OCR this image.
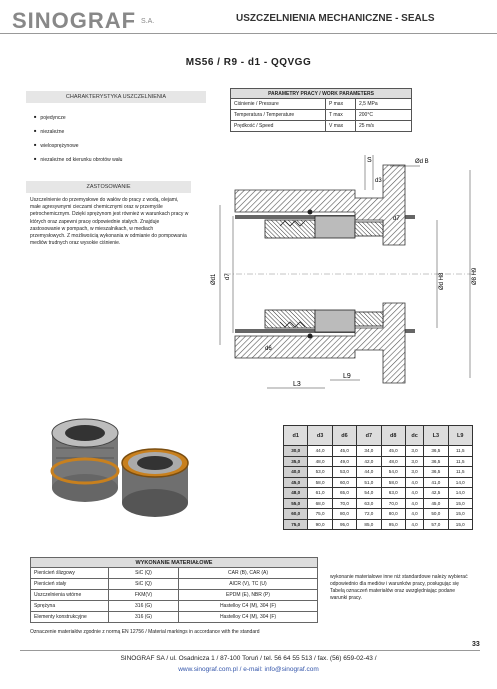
SINOGRAF S.A.	USZCZELNIENIA MECHANICZNE - SEALS
MS56 / R9 - d1 - QQVGG
CHARAKTERYSTYKA USZCZELNIENIA
■ pojedyncze
■ niezależne
■ wielosprężynowe
■ niezależne od kierunku obrotów wału
PARAMETRY PRACY / WORK PARAMETERS		
Ciśnienie / Pressure	P max	2,5 MPa
Temperatura / Temperature	T max	200°C
Prędkość / Speed	V max	25 m/s
ZASTOSOWANIE
Uszczelnienie do przemysłowe do wałów do pracy z wodą, olejami, małe agresywnymi cieczami chemicznymi oraz w przemyśle petrochemicznym. Dzięki sprężynom jest również w warunkach pracy w których oraz zapewni pracę odpowiednie stałych. Znajduje zastosowanie w pompach, w mieszalnikach, w mediach przemysłowych. Z możliwością wykonania w odmianie do pompowania mediów trudnych oraz wysokie ciśnienie.
S
d3
Ød B
d7
d6
Ød1 d7	Ød H8	Ø8 H9
L3
L9
d1	d3	d6	d7	d8	dc	L3	L9
30,0	44,0	45,0	34,0	45,0	3,0	36,5	11,5
35,0	48,0	49,0	42,0	48,0	3,0	36,5	11,5
40,0	53,0	53,0	44,0	54,0	3,0	36,5	11,5
45,0	58,0	60,0	51,0	58,0	4,0	41,0	14,0
48,0	61,0	65,0	54,0	63,0	4,0	42,5	14,0
55,0	68,0	70,0	63,0	70,0	4,0	45,0	15,0
60,0	75,0	80,0	72,0	80,0	4,0	50,0	15,0
75,0	90,0	95,0	85,0	95,0	4,0	57,0	15,0
WYKONANIE MATERIAŁOWE		
Pierścień ślizgowy	SiC (Q)	CAR (B), CAR (A)
Pierścień stały	SiC (Q)	AlCR (V), TC (U)
Uszczelnienia wtórne	FKM(V)	EPDM (E), NBR (P)
Sprężyna	316 (G)	Hastelloy C4 (M), 304 (F)
Elementy konstrukcyjne	316 (G)	Hastelloy C4 (M), 304 (F)
wykonanie materiałowe inne niż standardowe należy wybierać odpowiednio dla mediów i warunków pracy, posługując się Tabelą oznaczeń materiałów oraz uwzględniając podane warunki pracy.
Oznaczenie materiałów zgodnie z normą EN 12756 / Material markings in accordance with the standard
33
SINOGRAF SA / ul. Osadnicza 1 / 87-100 Toruń / tel. 56 64 55 513 / fax. (56) 659-02-43 /
www.sinograf.com.pl / e-mail: info@sinograf.com
